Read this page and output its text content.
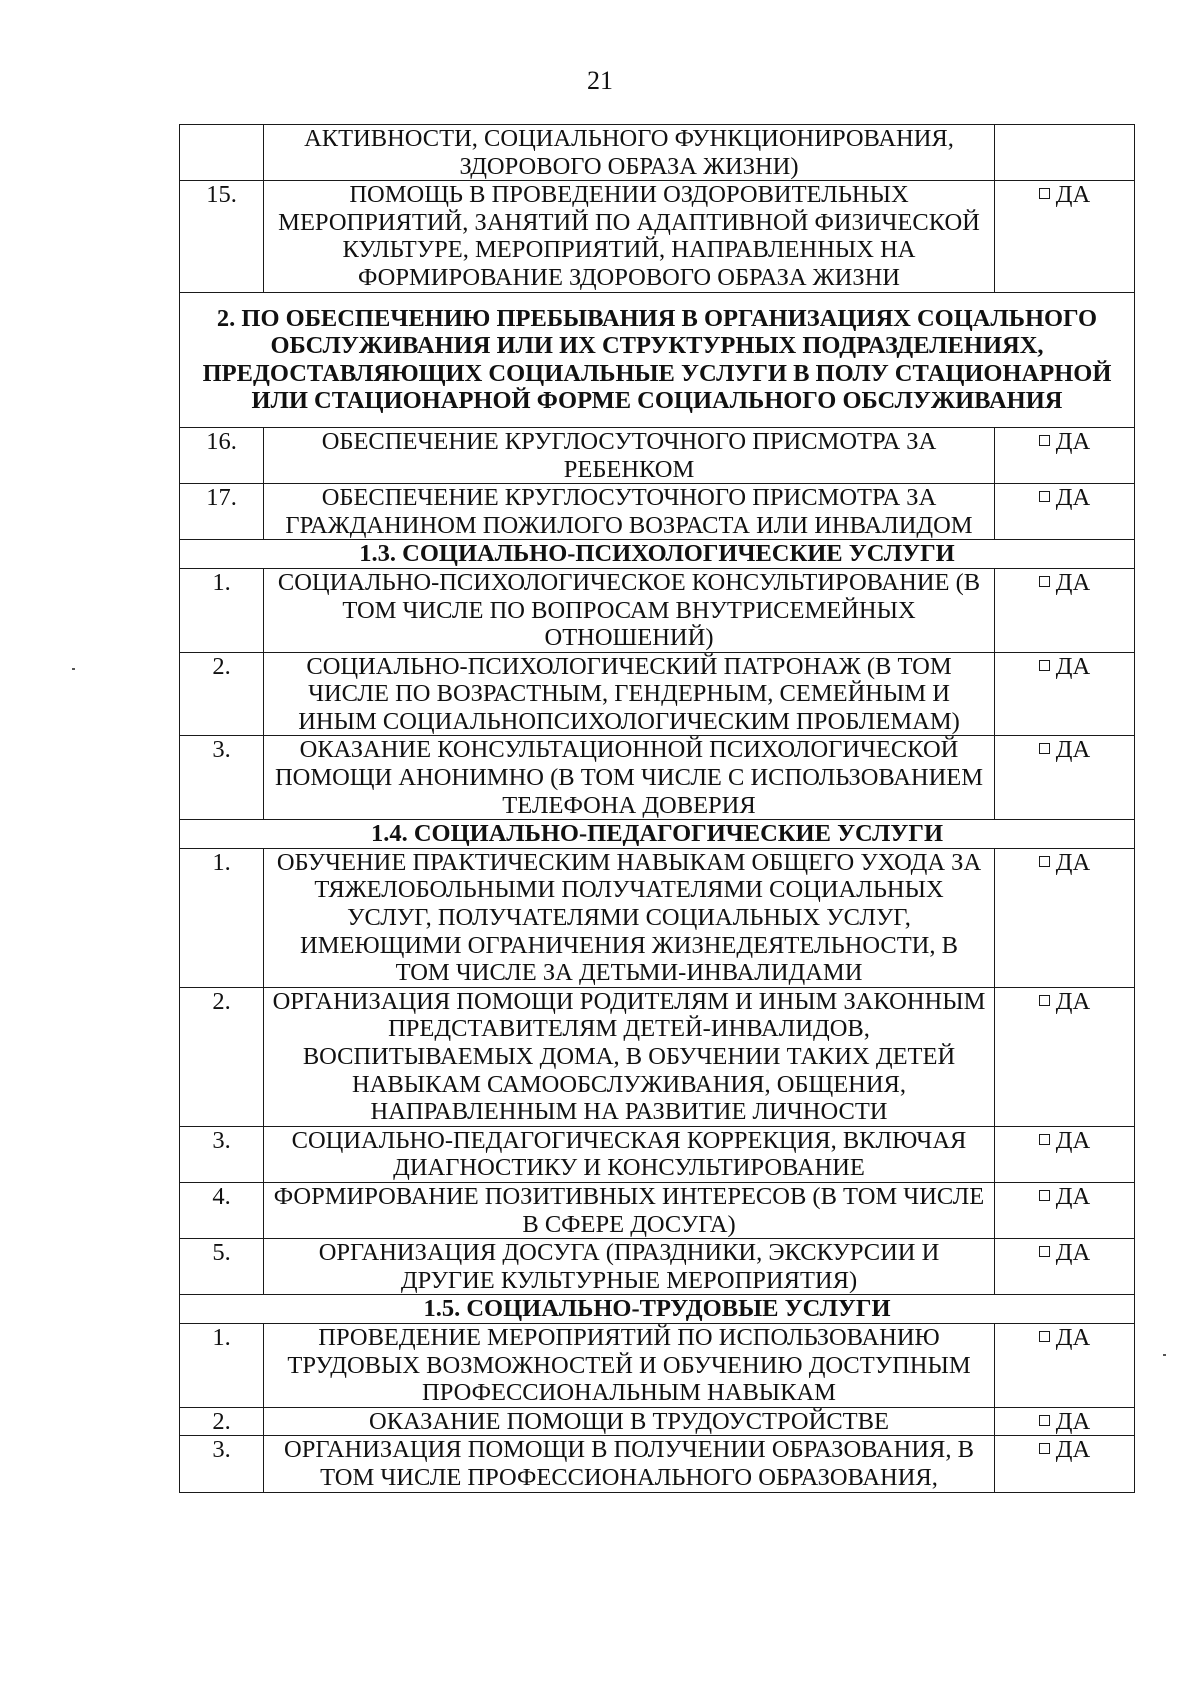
21
	АКТИВНОСТИ, СОЦИАЛЬНОГО ФУНКЦИОНИРОВАНИЯ, ЗДОРОВОГО ОБРАЗА ЖИЗНИ)	
15.	ПОМОЩЬ В ПРОВЕДЕНИИ ОЗДОРОВИТЕЛЬНЫХ МЕРОПРИЯТИЙ, ЗАНЯТИЙ ПО АДАПТИВНОЙ ФИЗИЧЕСКОЙ КУЛЬТУРЕ, МЕРОПРИЯТИЙ, НАПРАВЛЕННЫХ НА ФОРМИРОВАНИЕ ЗДОРОВОГО ОБРАЗА ЖИЗНИ	ДА
2. ПО ОБЕСПЕЧЕНИЮ ПРЕБЫВАНИЯ В ОРГАНИЗАЦИЯХ СОЦАЛЬНОГО ОБСЛУЖИВАНИЯ ИЛИ ИХ СТРУКТУРНЫХ ПОДРАЗДЕЛЕНИЯХ, ПРЕДОСТАВЛЯЮЩИХ СОЦИАЛЬНЫЕ УСЛУГИ В ПОЛУ СТАЦИОНАРНОЙ ИЛИ СТАЦИОНАРНОЙ ФОРМЕ СОЦИАЛЬНОГО ОБСЛУЖИВАНИЯ		
16.	ОБЕСПЕЧЕНИЕ КРУГЛОСУТОЧНОГО ПРИСМОТРА ЗА РЕБЕНКОМ	ДА
17.	ОБЕСПЕЧЕНИЕ КРУГЛОСУТОЧНОГО ПРИСМОТРА ЗА ГРАЖДАНИНОМ ПОЖИЛОГО ВОЗРАСТА ИЛИ ИНВАЛИДОМ	ДА
1.3. СОЦИАЛЬНО-ПСИХОЛОГИЧЕСКИЕ УСЛУГИ		
1.	СОЦИАЛЬНО-ПСИХОЛОГИЧЕСКОЕ КОНСУЛЬТИРОВАНИЕ (В ТОМ ЧИСЛЕ ПО ВОПРОСАМ ВНУТРИСЕМЕЙНЫХ ОТНОШЕНИЙ)	ДА
2.	СОЦИАЛЬНО-ПСИХОЛОГИЧЕСКИЙ ПАТРОНАЖ (В ТОМ ЧИСЛЕ ПО ВОЗРАСТНЫМ, ГЕНДЕРНЫМ, СЕМЕЙНЫМ И ИНЫМ СОЦИАЛЬНОПСИХОЛОГИЧЕСКИМ ПРОБЛЕМАМ)	ДА
3.	ОКАЗАНИЕ КОНСУЛЬТАЦИОННОЙ ПСИХОЛОГИЧЕСКОЙ ПОМОЩИ АНОНИМНО (В ТОМ ЧИСЛЕ С ИСПОЛЬЗОВАНИЕМ ТЕЛЕФОНА ДОВЕРИЯ	ДА
1.4. СОЦИАЛЬНО-ПЕДАГОГИЧЕСКИЕ УСЛУГИ		
1.	ОБУЧЕНИЕ ПРАКТИЧЕСКИМ НАВЫКАМ ОБЩЕГО УХОДА ЗА ТЯЖЕЛОБОЛЬНЫМИ ПОЛУЧАТЕЛЯМИ СОЦИАЛЬНЫХ УСЛУГ, ПОЛУЧАТЕЛЯМИ СОЦИАЛЬНЫХ УСЛУГ, ИМЕЮЩИМИ ОГРАНИЧЕНИЯ ЖИЗНЕДЕЯТЕЛЬНОСТИ, В ТОМ ЧИСЛЕ ЗА ДЕТЬМИ-ИНВАЛИДАМИ	ДА
2.	ОРГАНИЗАЦИЯ ПОМОЩИ РОДИТЕЛЯМ И ИНЫМ ЗАКОННЫМ ПРЕДСТАВИТЕЛЯМ ДЕТЕЙ-ИНВАЛИДОВ, ВОСПИТЫВАЕМЫХ ДОМА, В ОБУЧЕНИИ ТАКИХ ДЕТЕЙ НАВЫКАМ САМООБСЛУЖИВАНИЯ, ОБЩЕНИЯ, НАПРАВЛЕННЫМ НА РАЗВИТИЕ ЛИЧНОСТИ	ДА
3.	СОЦИАЛЬНО-ПЕДАГОГИЧЕСКАЯ КОРРЕКЦИЯ, ВКЛЮЧАЯ ДИАГНОСТИКУ И КОНСУЛЬТИРОВАНИЕ	ДА
4.	ФОРМИРОВАНИЕ ПОЗИТИВНЫХ ИНТЕРЕСОВ (В ТОМ ЧИСЛЕ В СФЕРЕ ДОСУГА)	ДА
5.	ОРГАНИЗАЦИЯ ДОСУГА (ПРАЗДНИКИ, ЭКСКУРСИИ И ДРУГИЕ КУЛЬТУРНЫЕ МЕРОПРИЯТИЯ)	ДА
1.5. СОЦИАЛЬНО-ТРУДОВЫЕ УСЛУГИ		
1.	ПРОВЕДЕНИЕ МЕРОПРИЯТИЙ ПО ИСПОЛЬЗОВАНИЮ ТРУДОВЫХ ВОЗМОЖНОСТЕЙ И ОБУЧЕНИЮ ДОСТУПНЫМ ПРОФЕССИОНАЛЬНЫМ НАВЫКАМ	ДА
2.	ОКАЗАНИЕ ПОМОЩИ В ТРУДОУСТРОЙСТВЕ	ДА
3.	ОРГАНИЗАЦИЯ ПОМОЩИ В ПОЛУЧЕНИИ ОБРАЗОВАНИЯ, В ТОМ ЧИСЛЕ ПРОФЕССИОНАЛЬНОГО ОБРАЗОВАНИЯ,	ДА
